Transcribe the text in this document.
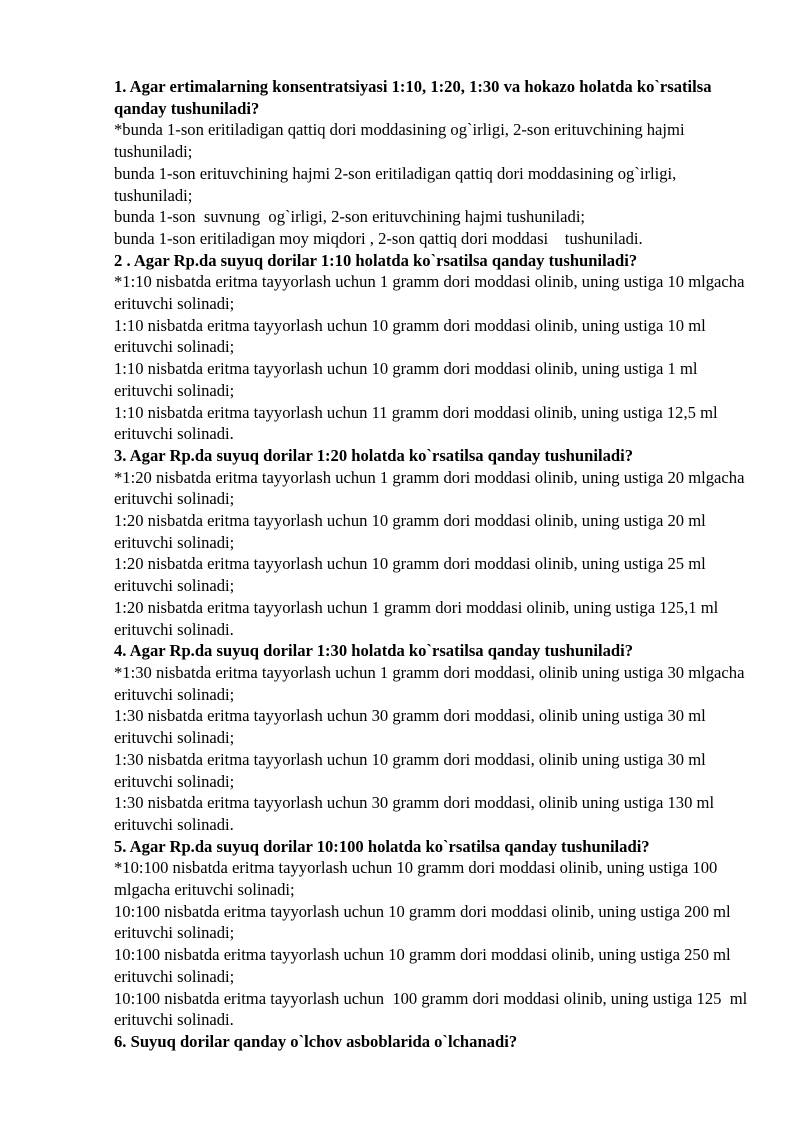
1. Agar ertimalarning konsentratsiyasi 1:10, 1:20, 1:30 va hokazo holatda ko`rsatilsa qanday tushuniladi?
*bunda 1-son eritiladigan qattiq dori moddasining og`irligi, 2-son erituvchining hajmi tushuniladi;
bunda 1-son erituvchining hajmi 2-son eritiladigan qattiq dori moddasining og`irligi, tushuniladi;
bunda 1-son  suvnung  og`irligi, 2-son erituvchining hajmi tushuniladi;
bunda 1-son eritiladigan moy miqdori , 2-son qattiq dori moddasi    tushuniladi.
2 . Agar Rp.da suyuq dorilar 1:10 holatda ko`rsatilsa qanday tushuniladi?
*1:10 nisbatda eritma tayyorlash uchun 1 gramm dori moddasi olinib, uning ustiga 10 mlgacha erituvchi solinadi;
1:10 nisbatda eritma tayyorlash uchun 10 gramm dori moddasi olinib, uning ustiga 10 ml erituvchi solinadi;
1:10 nisbatda eritma tayyorlash uchun 10 gramm dori moddasi olinib, uning ustiga 1 ml erituvchi solinadi;
1:10 nisbatda eritma tayyorlash uchun 11 gramm dori moddasi olinib, uning ustiga 12,5 ml erituvchi solinadi.
3. Agar Rp.da suyuq dorilar 1:20 holatda ko`rsatilsa qanday tushuniladi?
*1:20 nisbatda eritma tayyorlash uchun 1 gramm dori moddasi olinib, uning ustiga 20 mlgacha erituvchi solinadi;
1:20 nisbatda eritma tayyorlash uchun 10 gramm dori moddasi olinib, uning ustiga 20 ml erituvchi solinadi;
1:20 nisbatda eritma tayyorlash uchun 10 gramm dori moddasi olinib, uning ustiga 25 ml erituvchi solinadi;
1:20 nisbatda eritma tayyorlash uchun 1 gramm dori moddasi olinib, uning ustiga 125,1 ml erituvchi solinadi.
4. Agar Rp.da suyuq dorilar 1:30 holatda ko`rsatilsa qanday tushuniladi?
*1:30 nisbatda eritma tayyorlash uchun 1 gramm dori moddasi, olinib uning ustiga 30 mlgacha erituvchi solinadi;
1:30 nisbatda eritma tayyorlash uchun 30 gramm dori moddasi, olinib uning ustiga 30 ml erituvchi solinadi;
1:30 nisbatda eritma tayyorlash uchun 10 gramm dori moddasi, olinib uning ustiga 30 ml erituvchi solinadi;
1:30 nisbatda eritma tayyorlash uchun 30 gramm dori moddasi, olinib uning ustiga 130 ml erituvchi solinadi.
5. Agar Rp.da suyuq dorilar 10:100 holatda ko`rsatilsa qanday tushuniladi?
*10:100 nisbatda eritma tayyorlash uchun 10 gramm dori moddasi olinib, uning ustiga 100 mlgacha erituvchi solinadi;
10:100 nisbatda eritma tayyorlash uchun 10 gramm dori moddasi olinib, uning ustiga 200 ml erituvchi solinadi;
10:100 nisbatda eritma tayyorlash uchun 10 gramm dori moddasi olinib, uning ustiga 250 ml erituvchi solinadi;
10:100 nisbatda eritma tayyorlash uchun  100 gramm dori moddasi olinib, uning ustiga 125  ml erituvchi solinadi.
6. Suyuq dorilar qanday o`lchov asboblarida o`lchanadi?
